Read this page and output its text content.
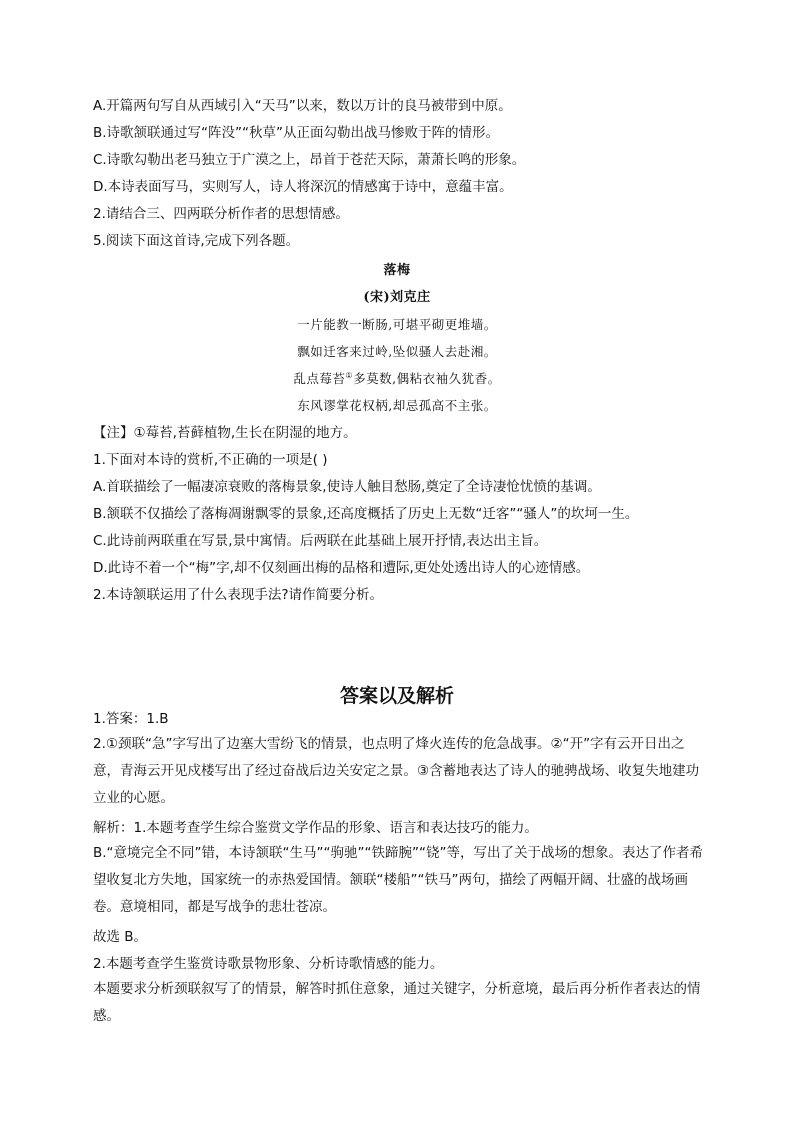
A.开篇两句写自从西域引入“天马”以来，数以万计的良马被带到中原。
B.诗歌颔联通过写“阵没”“秋草”从正面勾勒出战马惨败于阵的情形。
C.诗歌勾勒出老马独立于广漠之上，昂首于苍茫天际，萧萧长鸣的形象。
D.本诗表面写马，实则写人，诗人将深沉的情感寓于诗中，意蕴丰富。
2.请结合三、四两联分析作者的思想情感。
5.阅读下面这首诗,完成下列各题。
落梅
(宋)刘克庄
一片能教一断肠,可堪平砌更堆墙。
飘如迁客来过岭,坠似骚人去赴湘。
乱点莓苔①多莫数,偶粘衣袖久犹香。
东风谬掌花权柄,却忌孤高不主张。
【注】①莓苔,苔藓植物,生长在阴湿的地方。
1.下面对本诗的赏析,不正确的一项是( )
A.首联描绘了一幅凄凉衰败的落梅景象,使诗人触目愁肠,奠定了全诗凄怆忧愤的基调。
B.颔联不仅描绘了落梅凋谢飘零的景象,还高度概括了历史上无数“迁客”“骚人”的坎坷一生。
C.此诗前两联重在写景,景中寓情。后两联在此基础上展开抒情,表达出主旨。
D.此诗不着一个“梅”字,却不仅刻画出梅的品格和遭际,更处处透出诗人的心迹情感。
2.本诗颔联运用了什么表现手法?请作简要分析。
答案以及解析
1.答案：1.B
2.①颈联“急”字写出了边塞大雪纷飞的情景，也点明了烽火连传的危急战事。②“开”字有云开日出之意，青海云开见戍楼写出了经过奋战后边关安定之景。③含蓄地表达了诗人的驰骋战场、收复失地建功立业的心愿。
解析：1.本题考查学生综合鉴赏文学作品的形象、语言和表达技巧的能力。
B.“意境完全不同”错，本诗颔联“生马”“驹驰”“铁蹄腕”“铙”等，写出了关于战场的想象。表达了作者希望收复北方失地，国家统一的赤热爱国情。颔联“楼船”“铁马”两句，描绘了两幅开阔、壮盛的战场画卷。意境相同，都是写战争的悲壮苍凉。
故选 B。
2.本题考查学生鉴赏诗歌景物形象、分析诗歌情感的能力。
本题要求分析颈联叙写了的情景，解答时抓住意象，通过关键字，分析意境，最后再分析作者表达的情感。
